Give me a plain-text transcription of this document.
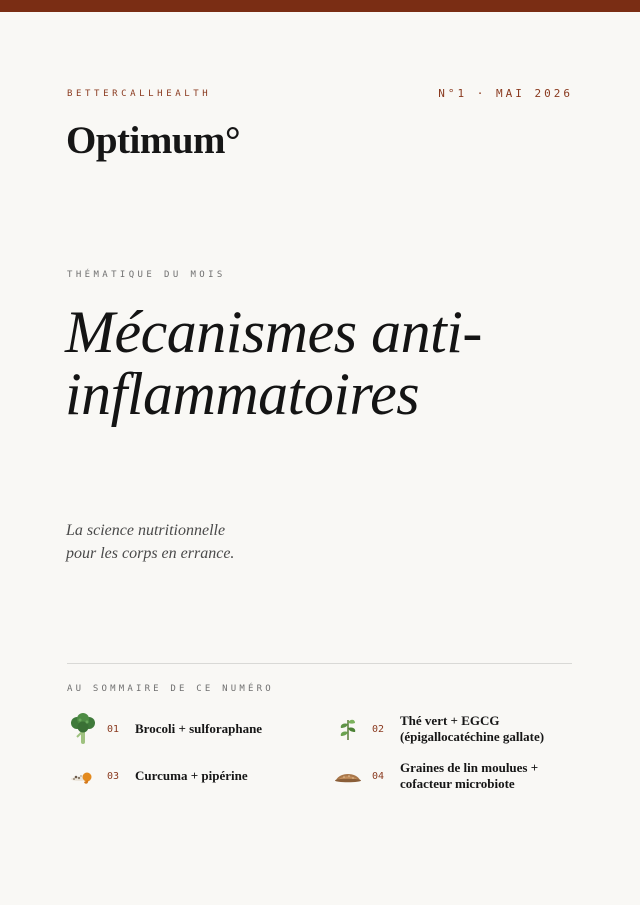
BETTERCALLHEALTH	N°1 · MAI 2026
Optimum°
THÉMATIQUE DU MOIS
Mécanismes anti-
inflammatoires
La science nutritionnelle
pour les corps en errance.
AU SOMMAIRE DE CE NUMÉRO
01	Brocoli + sulforaphane	02
Thé vert + EGCG
(épigallocatéchine gallate)
03	Curcuma + pipérine	04
Graines de lin moulues +
cofacteur microbiote
